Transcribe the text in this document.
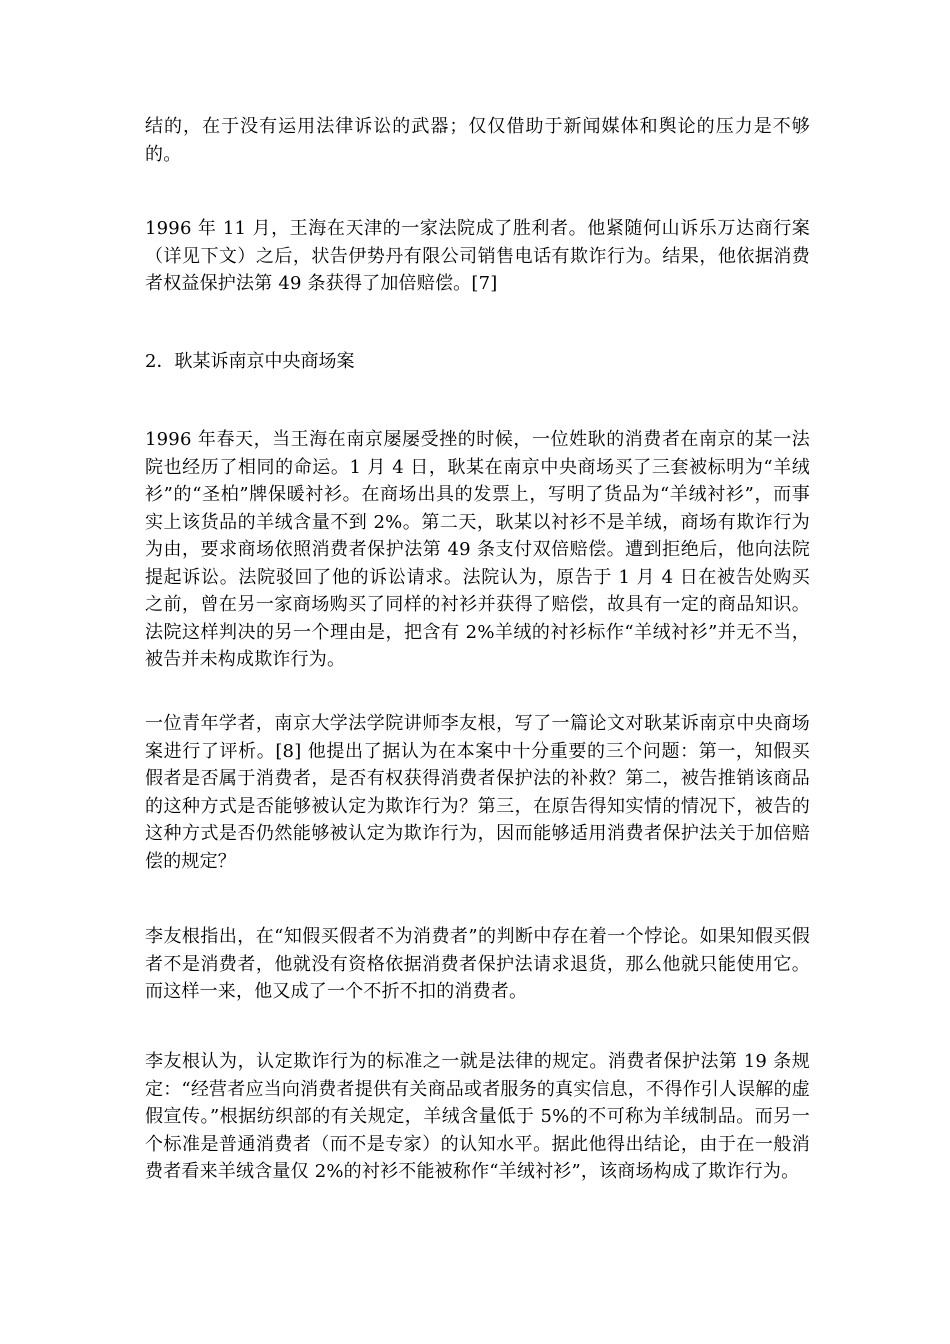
结的，在于没有运用法律诉讼的武器；仅仅借助于新闻媒体和舆论的压力是不够的。

1996 年 11 月，王海在天津的一家法院成了胜利者。他紧随何山诉乐万达商行案（详见下文）之后，状告伊势丹有限公司销售电话有欺诈行为。结果，他依据消费者权益保护法第 49 条获得了加倍赔偿。[7]

2．耿某诉南京中央商场案

1996 年春天，当王海在南京屡屡受挫的时候，一位姓耿的消费者在南京的某一法院也经历了相同的命运。1 月 4 日，耿某在南京中央商场买了三套被标明为“羊绒衫”的“圣柏”牌保暖衬衫。在商场出具的发票上，写明了货品为“羊绒衬衫”，而事实上该货品的羊绒含量不到 2%。第二天，耿某以衬衫不是羊绒，商场有欺诈行为为由，要求商场依照消费者保护法第 49 条支付双倍赔偿。遭到拒绝后，他向法院提起诉讼。法院驳回了他的诉讼请求。法院认为，原告于 1 月 4 日在被告处购买之前，曾在另一家商场购买了同样的衬衫并获得了赔偿，故具有一定的商品知识。法院这样判决的另一个理由是，把含有 2%羊绒的衬衫标作“羊绒衬衫”并无不当，被告并未构成欺诈行为。

一位青年学者，南京大学法学院讲师李友根，写了一篇论文对耿某诉南京中央商场案进行了评析。[8] 他提出了据认为在本案中十分重要的三个问题：第一，知假买假者是否属于消费者，是否有权获得消费者保护法的补救？第二，被告推销该商品的这种方式是否能够被认定为欺诈行为？第三，在原告得知实情的情况下，被告的这种方式是否仍然能够被认定为欺诈行为，因而能够适用消费者保护法关于加倍赔偿的规定？

李友根指出，在“知假买假者不为消费者”的判断中存在着一个悖论。如果知假买假者不是消费者，他就没有资格依据消费者保护法请求退货，那么他就只能使用它。而这样一来，他又成了一个不折不扣的消费者。

李友根认为，认定欺诈行为的标准之一就是法律的规定。消费者保护法第 19 条规定：“经营者应当向消费者提供有关商品或者服务的真实信息，不得作引人误解的虚假宣传。”根据纺织部的有关规定，羊绒含量低于 5%的不可称为羊绒制品。而另一个标准是普通消费者（而不是专家）的认知水平。据此他得出结论，由于在一般消费者看来羊绒含量仅 2%的衬衫不能被称作“羊绒衬衫”，该商场构成了欺诈行为。
